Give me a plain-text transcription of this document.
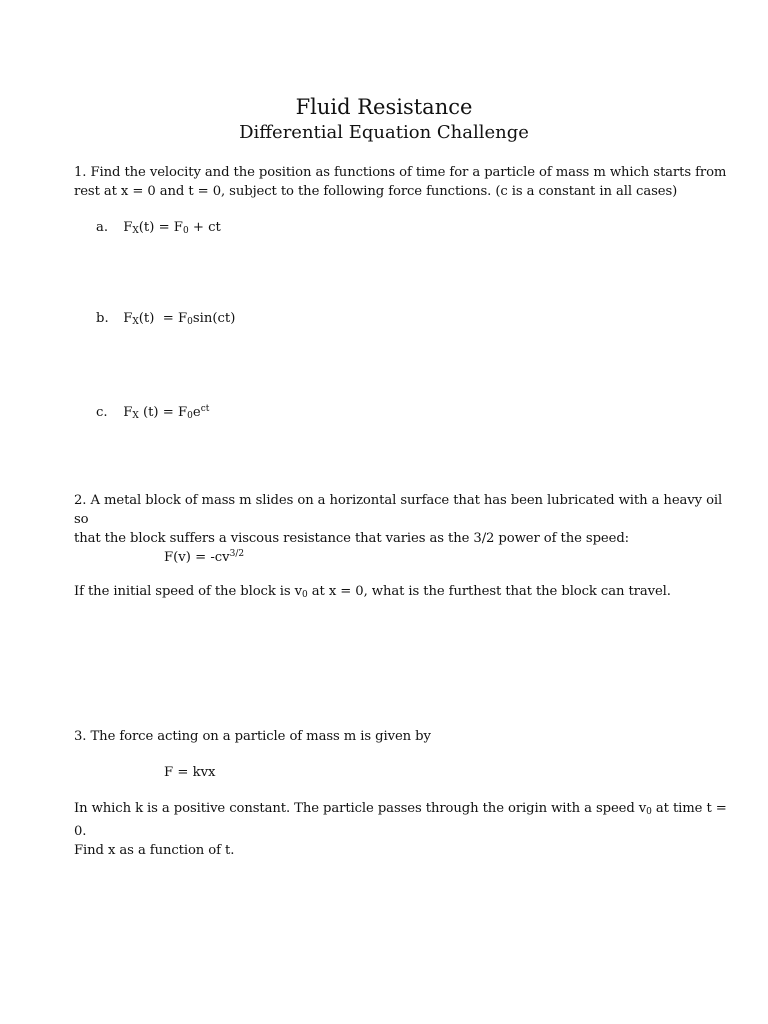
Fluid Resistance
Differential Equation Challenge
1. Find the velocity and the position as functions of time for a particle of mass m which starts from
rest at x = 0 and t = 0, subject to the following force functions. (c is a constant in all cases)
a. $F_X(t) = F_0$ + ct
b. $F_X(t) = F_0\sin(ct)$
c. $F_X$ $(t) = F_0e^{ct}$
2. A metal block of mass m slides on a horizontal surface that has been lubricated with a heavy oil so
that the block suffers a viscous resistance that varies as the 3/2 power of the speed:
$F(v) = -cv^{3/2}$
If the initial speed of the block is $v_0$ at x = 0, what is the furthest that the block can travel.
3. The force acting on a particle of mass m is given by
F = kvx
In which k is a positive constant. The particle passes through the origin with a speed $v_0$ at time t = 0.
Find x as a function of t.
